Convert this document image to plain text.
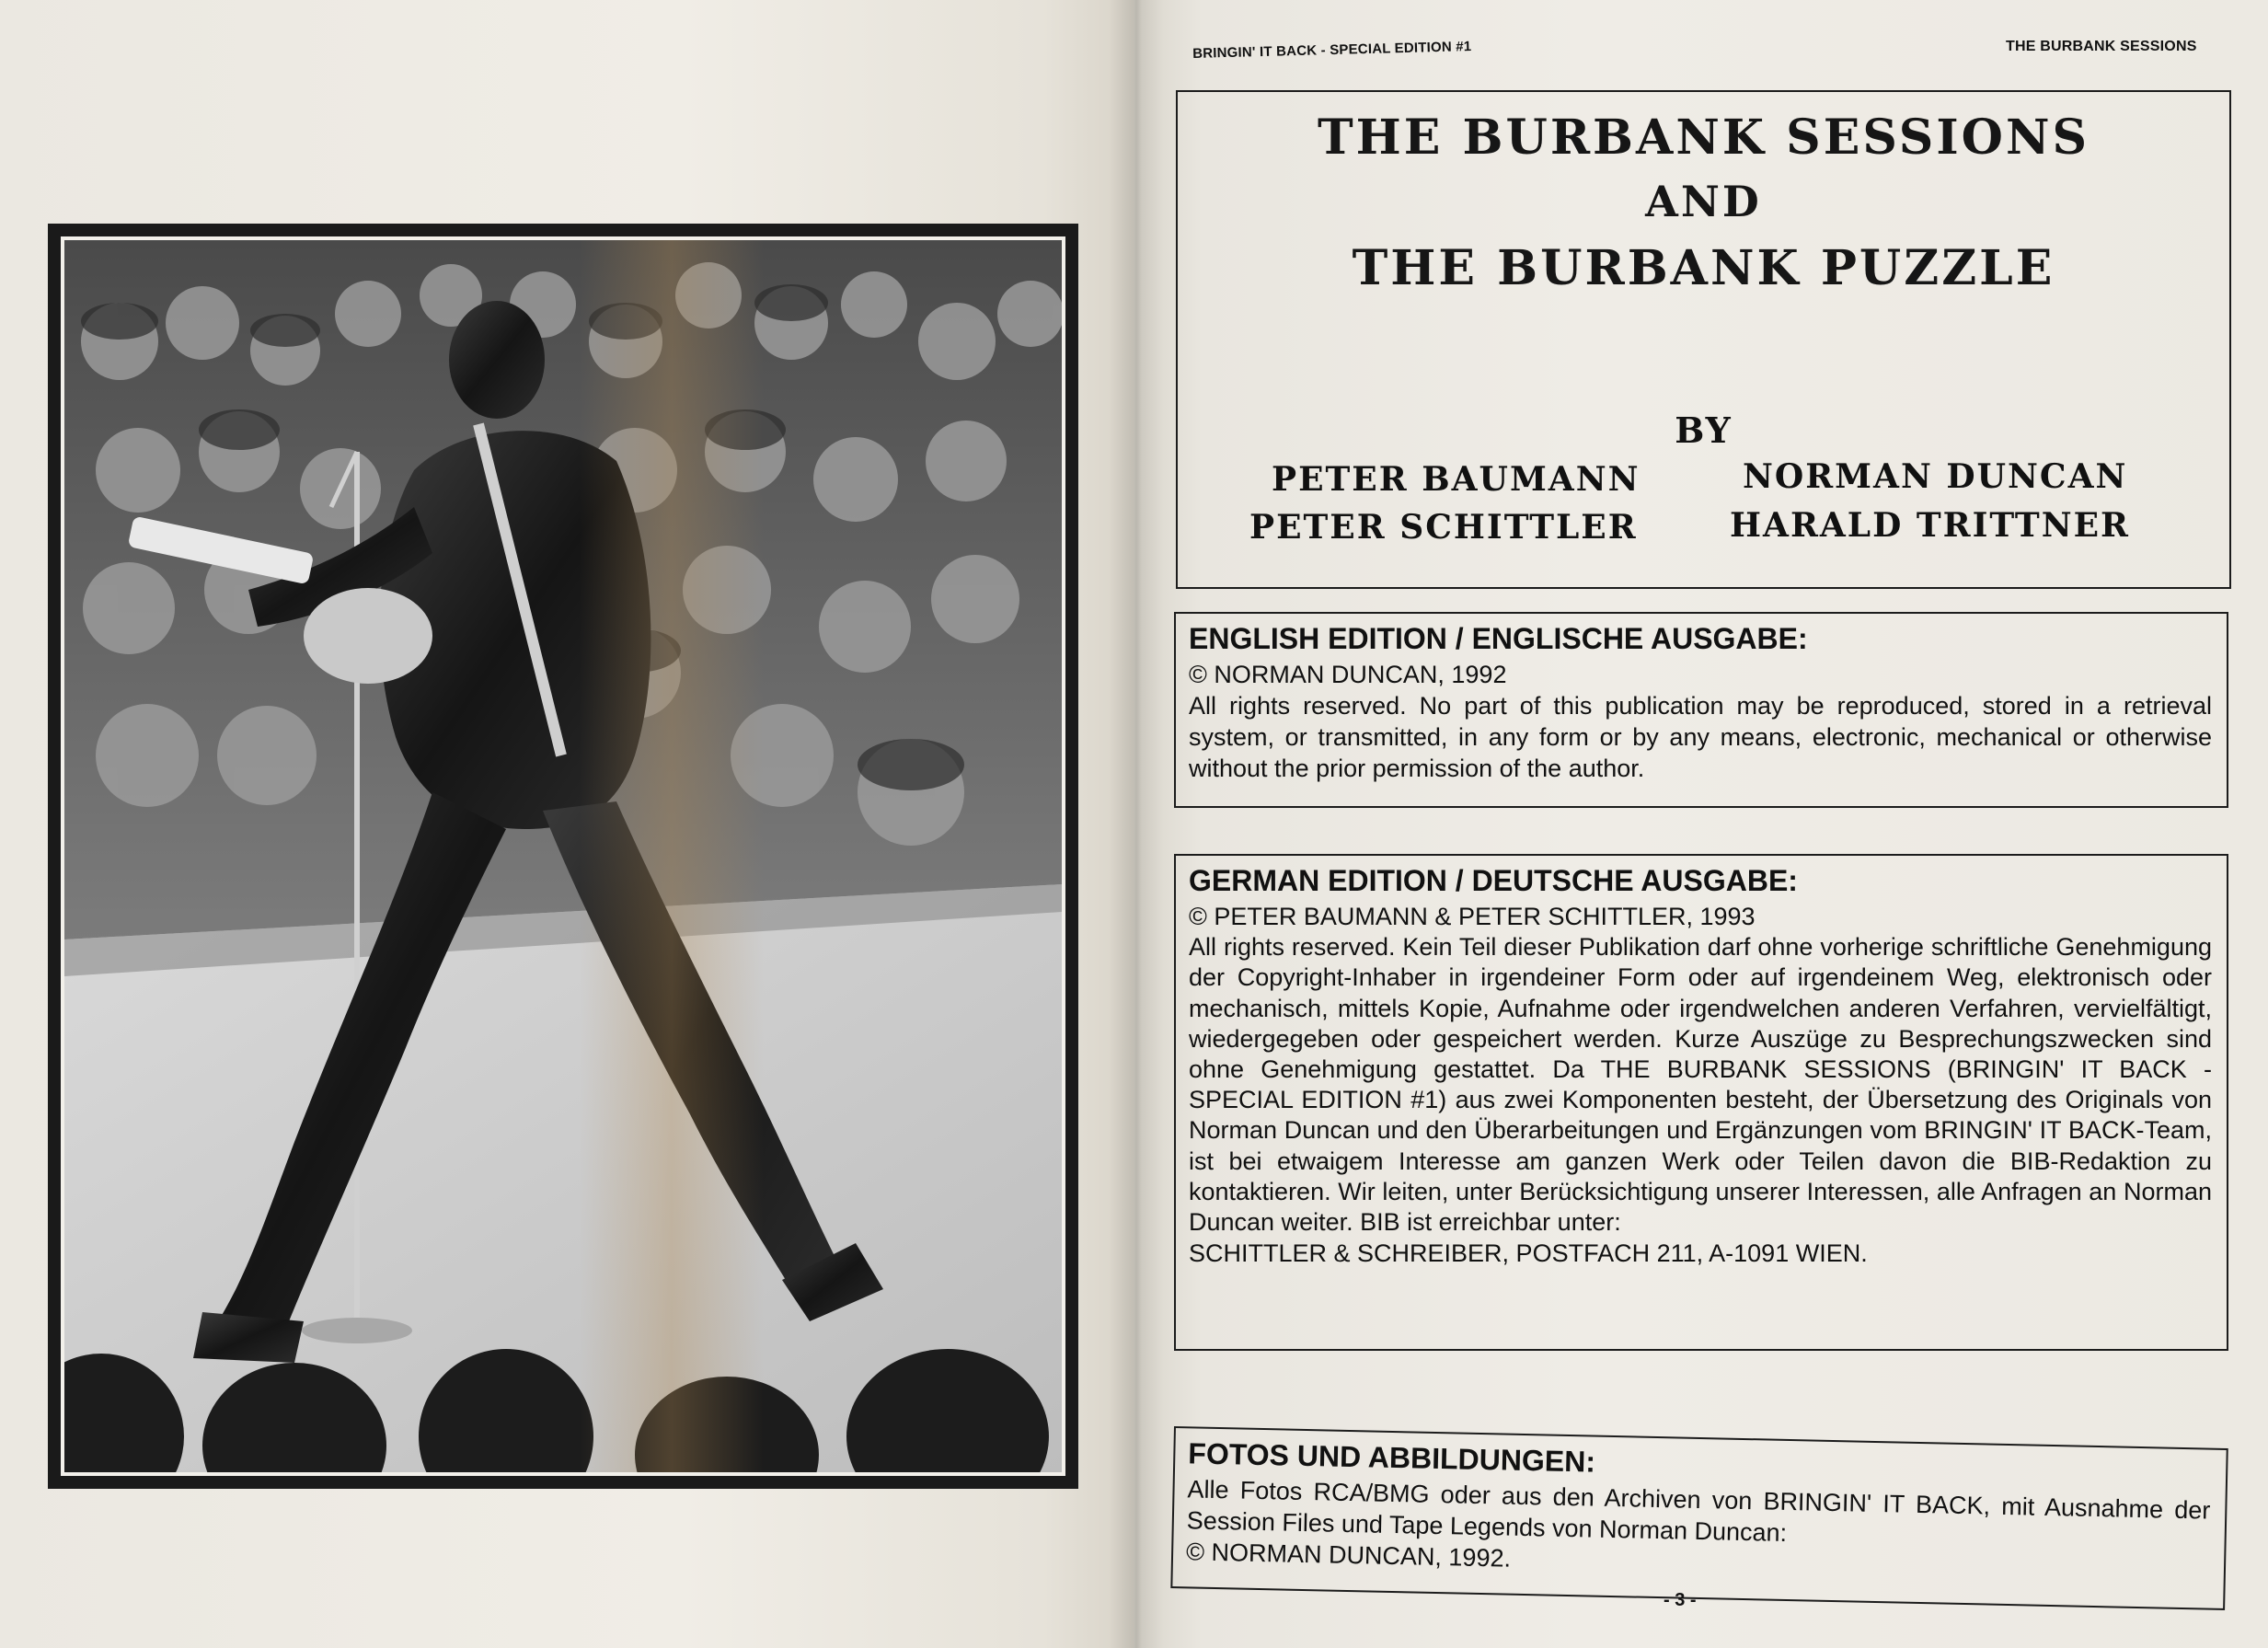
BRINGIN' IT BACK - SPECIAL EDITION #1	THE BURBANK SESSIONS
THE BURBANK SESSIONS
AND
THE BURBANK PUZZLE
BY
PETER BAUMANN	NORMAN DUNCAN
PETER SCHITTLER	HARALD TRITTNER
ENGLISH EDITION / ENGLISCHE AUSGABE:
© NORMAN DUNCAN, 1992

All rights reserved. No part of this publication may be reproduced, stored in a retrieval system, or transmitted, in any form or by any means, electronic, mechanical or otherwise without the prior permission of the author.

GERMAN EDITION / DEUTSCHE AUSGABE:
© PETER BAUMANN & PETER SCHITTLER, 1993

All rights reserved. Kein Teil dieser Publikation darf ohne vorherige schriftliche Genehmigung der Copyright-Inhaber in irgendeiner Form oder auf irgendeinem Weg, elektronisch oder mechanisch, mittels Kopie, Aufnahme oder irgendwelchen anderen Verfahren, vervielfältigt, wiedergegeben oder gespeichert werden. Kurze Auszüge zu Besprechungszwecken sind ohne Genehmigung gestattet. Da THE BURBANK SESSIONS (BRINGIN' IT BACK - SPECIAL EDITION #1) aus zwei Komponenten besteht, der Übersetzung des Originals von Norman Duncan und den Überarbeitungen und Ergänzungen vom BRINGIN' IT BACK-Team, ist bei etwaigem Interesse am ganzen Werk oder Teilen davon die BIB-Redaktion zu kontaktieren. Wir leiten, unter Berücksichtigung unserer Interessen, alle Anfragen an Norman Duncan weiter. BIB ist erreichbar unter:

SCHITTLER & SCHREIBER, POSTFACH 211, A-1091 WIEN.
FOTOS UND ABBILDUNGEN:

Alle Fotos RCA/BMG oder aus den Archiven von BRINGIN' IT BACK, mit Ausnahme der Session Files und Tape Legends von Norman Duncan:

© NORMAN DUNCAN, 1992.
- 3 -
